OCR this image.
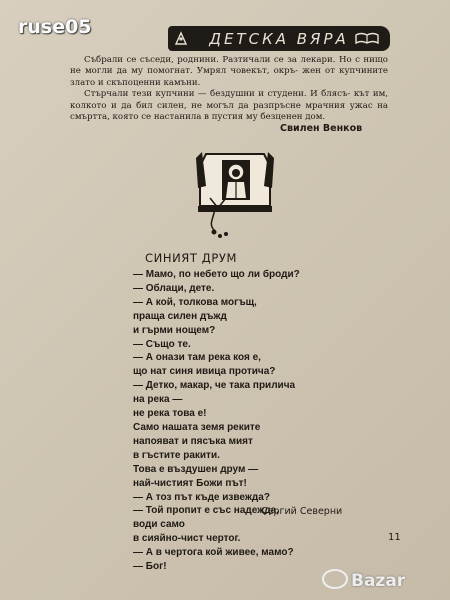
ruse05
ДЕТСКА ВЯРА

Събрали се съседи, роднини. Разтичали се за лекари. Но с нищо не могли да му помогнат. Умрял човекът, окръ- жен от купчините злато и скъпоценни камъни.

Стърчали тези купчини — бездушни и студени. И блясъ- кът им, колкото и да бил силен, не могъл да разпръсне мрачния ужас на смъртта, която се настанила в пустия му безценен дом.

Свилен Венков
СИНИЯТ ДРУМ
— Мамо, по небето що ли броди?
— Облаци, дете.
— А кой, толкова могъщ,
праща силен дъжд
и гърми нощем?
— Също те.
— А онази там река коя е,
що нат синя ивица протича?
— Детко, макар, че така прилича
на река —
не река това е!
Само нашата земя реките
напояват и пясъка мият
в гъстите ракити.
Това е въздушен друм —
най-чистият Божи път!
— А тоз път къде извежда?
— Той пропит е със надежда,
води само
в сияйно-чист чертог.
— А в чертога кой живее, мамо?
— Бог!
Сергий Северни
11
Bazar
